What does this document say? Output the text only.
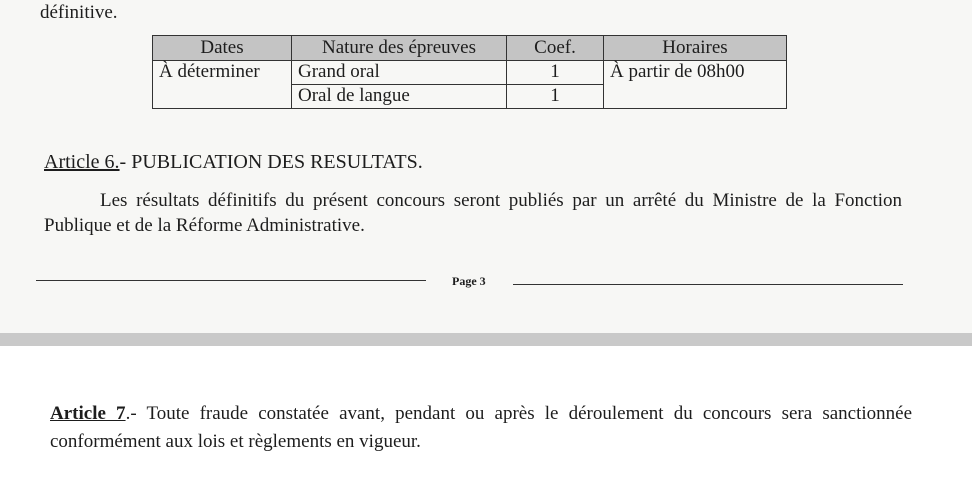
définitive.
Dates	Nature des épreuves	Coef.	Horaires
À déterminer	Grand oral	1	À partir de 08h00
	Oral de langue	1	
Article 6.- PUBLICATION DES RESULTATS.
Les résultats définitifs du présent concours seront publiés par un arrêté du Ministre de la Fonction Publique et de la Réforme Administrative.
Page 3
Article 7.- Toute fraude constatée avant, pendant ou après le déroulement du concours sera sanctionnée conformément aux lois et règlements en vigueur.
